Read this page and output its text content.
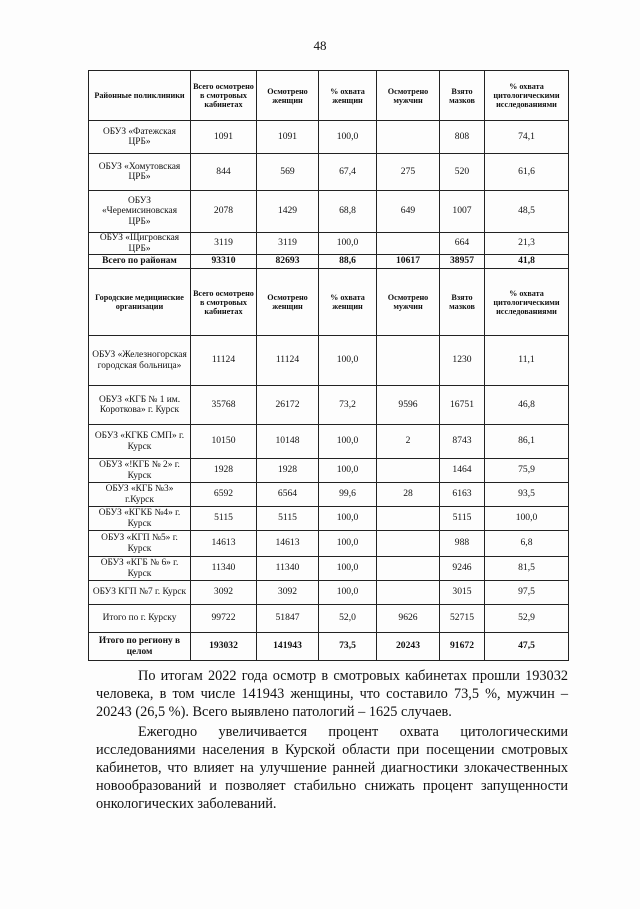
48
Районные поликлиники	Всего осмотрено в смотровых кабинетах	Осмотрено женщин	% охвата женщин	Осмотрено мужчин	Взято мазков	% охвата цитологическими исследованиями
ОБУЗ «Фатежская ЦРБ»	1091	1091	100,0		808	74,1
ОБУЗ «Хомутовская ЦРБ»	844	569	67,4	275	520	61,6
ОБУЗ «Черемисиновская ЦРБ»	2078	1429	68,8	649	1007	48,5
ОБУЗ «Щигровская ЦРБ»	3119	3119	100,0		664	21,3
Всего по районам	93310	82693	88,6	10617	38957	41,8
Городские медицинские организации	Всего осмотрено в смотровых кабинетах	Осмотрено женщин	% охвата женщин	Осмотрено мужчин	Взято мазков	% охвата цитологическими исследованиями
ОБУЗ «Железногорская городская больница»	11124	11124	100,0		1230	11,1
ОБУЗ «КГБ № 1 им. Короткова» г. Курск	35768	26172	73,2	9596	16751	46,8
ОБУЗ «КГКБ СМП» г. Курск	10150	10148	100,0	2	8743	86,1
ОБУЗ «!КГБ № 2» г. Курск	1928	1928	100,0		1464	75,9
ОБУЗ «КГБ №3» г.Курск	6592	6564	99,6	28	6163	93,5
ОБУЗ «КГКБ №4» г. Курск	5115	5115	100,0		5115	100,0
ОБУЗ «КГП №5» г. Курск	14613	14613	100,0		988	6,8
ОБУЗ «КГБ № 6» г. Курск	11340	11340	100,0		9246	81,5
ОБУЗ КГП №7 г. Курск	3092	3092	100,0		3015	97,5
Итого по г. Курску	99722	51847	52,0	9626	52715	52,9
Итого по региону в целом	193032	141943	73,5	20243	91672	47,5
По итогам 2022 года осмотр в смотровых кабинетах прошли 193032 человека, в том числе 141943 женщины, что составило 73,5 %, мужчин – 20243 (26,5 %). Всего выявлено патологий – 1625 случаев.
Ежегодно увеличивается процент охвата цитологическими исследованиями населения в Курской области при посещении смотровых кабинетов, что влияет на улучшение ранней диагностики злокачественных новообразований и позволяет стабильно снижать процент запущенности онкологических заболеваний.
